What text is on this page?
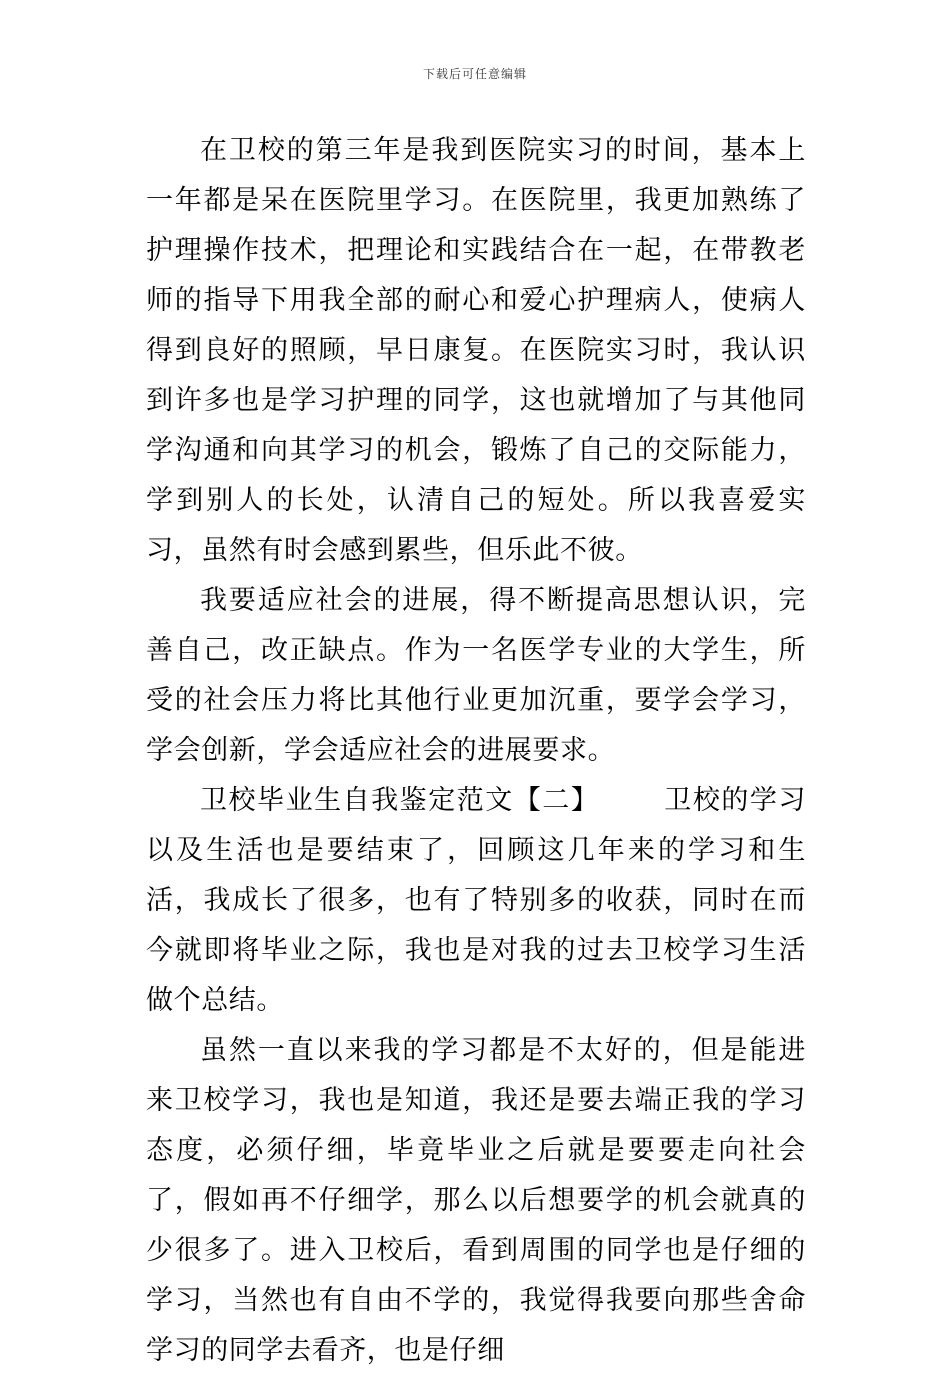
下载后可任意编辑

在卫校的第三年是我到医院实习的时间，基本上一年都是呆在医院里学习。在医院里，我更加熟练了护理操作技术，把理论和实践结合在一起，在带教老师的指导下用我全部的耐心和爱心护理病人，使病人得到良好的照顾，早日康复。在医院实习时，我认识到许多也是学习护理的同学，这也就增加了与其他同学沟通和向其学习的机会，锻炼了自己的交际能力，学到别人的长处，认清自己的短处。所以我喜爱实习，虽然有时会感到累些，但乐此不彼。

我要适应社会的进展，得不断提高思想认识，完善自己，改正缺点。作为一名医学专业的大学生，所受的社会压力将比其他行业更加沉重，要学会学习，学会创新，学会适应社会的进展要求。

卫校毕业生自我鉴定范文【二】 卫校的学习以及生活也是要结束了，回顾这几年来的学习和生活，我成长了很多，也有了特别多的收获，同时在而今就即将毕业之际，我也是对我的过去卫校学习生活做个总结。

虽然一直以来我的学习都是不太好的，但是能进来卫校学习，我也是知道，我还是要去端正我的学习态度，必须仔细，毕竟毕业之后就是要要走向社会了，假如再不仔细学，那么以后想要学的机会就真的少很多了。进入卫校后，看到周围的同学也是仔细的学习，当然也有自由不学的，我觉得我要向那些舍命学习的同学去看齐，也是仔细
